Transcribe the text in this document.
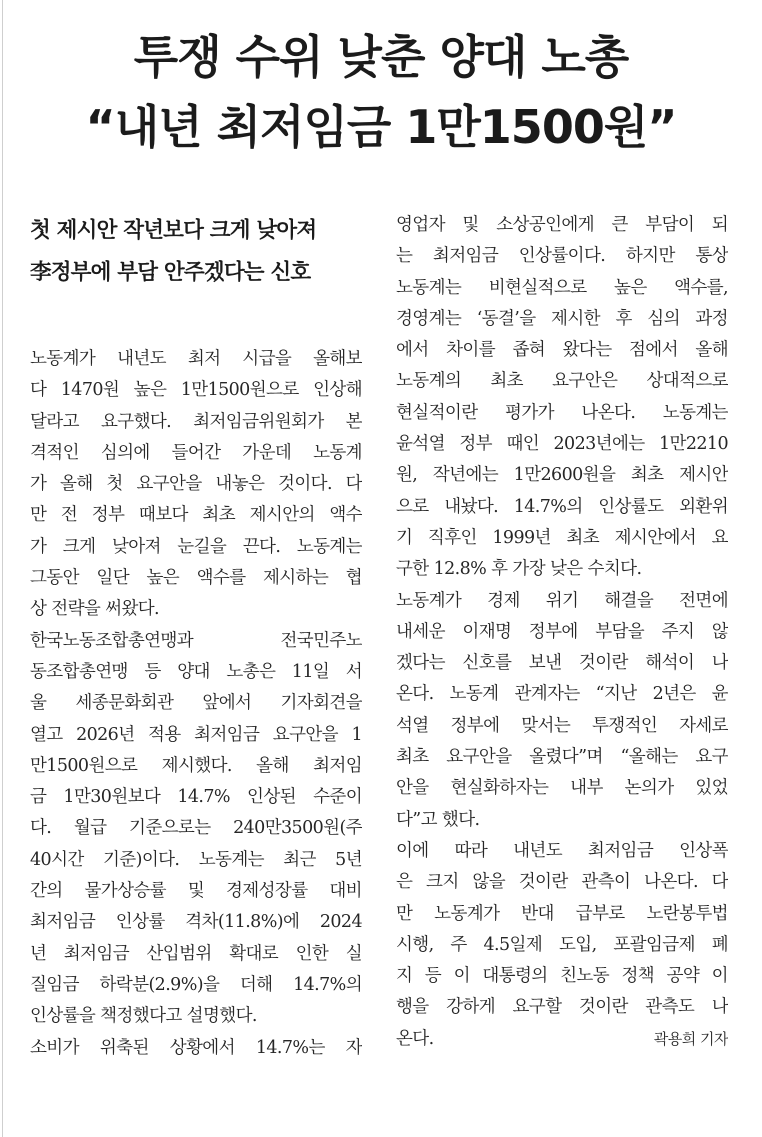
투쟁 수위 낮춘 양대 노총
“내년 최저임금 1만1500원”
첫 제시안 작년보다 크게 낮아져
李정부에 부담 안주겠다는 신호
노동계가 내년도 최저 시급을 올해보
다 1470원 높은 1만1500원으로 인상해
달라고 요구했다. 최저임금위원회가 본
격적인 심의에 들어간 가운데 노동계
가 올해 첫 요구안을 내놓은 것이다. 다
만 전 정부 때보다 최초 제시안의 액수
가 크게 낮아져 눈길을 끈다. 노동계는
그동안 일단 높은 액수를 제시하는 협
상 전략을 써왔다.
한국노동조합총연맹과 전국민주노
동조합총연맹 등 양대 노총은 11일 서
울 세종문화회관 앞에서 기자회견을
열고 2026년 적용 최저임금 요구안을 1
만1500원으로 제시했다. 올해 최저임
금 1만30원보다 14.7% 인상된 수준이
다. 월급 기준으로는 240만3500원(주
40시간 기준)이다. 노동계는 최근 5년
간의 물가상승률 및 경제성장률 대비
최저임금 인상률 격차(11.8%)에 2024
년 최저임금 산입범위 확대로 인한 실
질임금 하락분(2.9%)을 더해 14.7%의
인상률을 책정했다고 설명했다.
소비가 위축된 상황에서 14.7%는 자
영업자 및 소상공인에게 큰 부담이 되
는 최저임금 인상률이다. 하지만 통상
노동계는 비현실적으로 높은 액수를,
경영계는 ‘동결’을 제시한 후 심의 과정
에서 차이를 좁혀 왔다는 점에서 올해
노동계의 최초 요구안은 상대적으로
현실적이란 평가가 나온다. 노동계는
윤석열 정부 때인 2023년에는 1만2210
원, 작년에는 1만2600원을 최초 제시안
으로 내놨다. 14.7%의 인상률도 외환위
기 직후인 1999년 최초 제시안에서 요
구한 12.8% 후 가장 낮은 수치다.
노동계가 경제 위기 해결을 전면에
내세운 이재명 정부에 부담을 주지 않
겠다는 신호를 보낸 것이란 해석이 나
온다. 노동계 관계자는 “지난 2년은 윤
석열 정부에 맞서는 투쟁적인 자세로
최초 요구안을 올렸다”며 “올해는 요구
안을 현실화하자는 내부 논의가 있었
다”고 했다.
이에 따라 내년도 최저임금 인상폭
은 크지 않을 것이란 관측이 나온다. 다
만 노동계가 반대 급부로 노란봉투법
시행, 주 4.5일제 도입, 포괄임금제 폐
지 등 이 대통령의 친노동 정책 공약 이
행을 강하게 요구할 것이란 관측도 나
온다.	곽용희 기자
